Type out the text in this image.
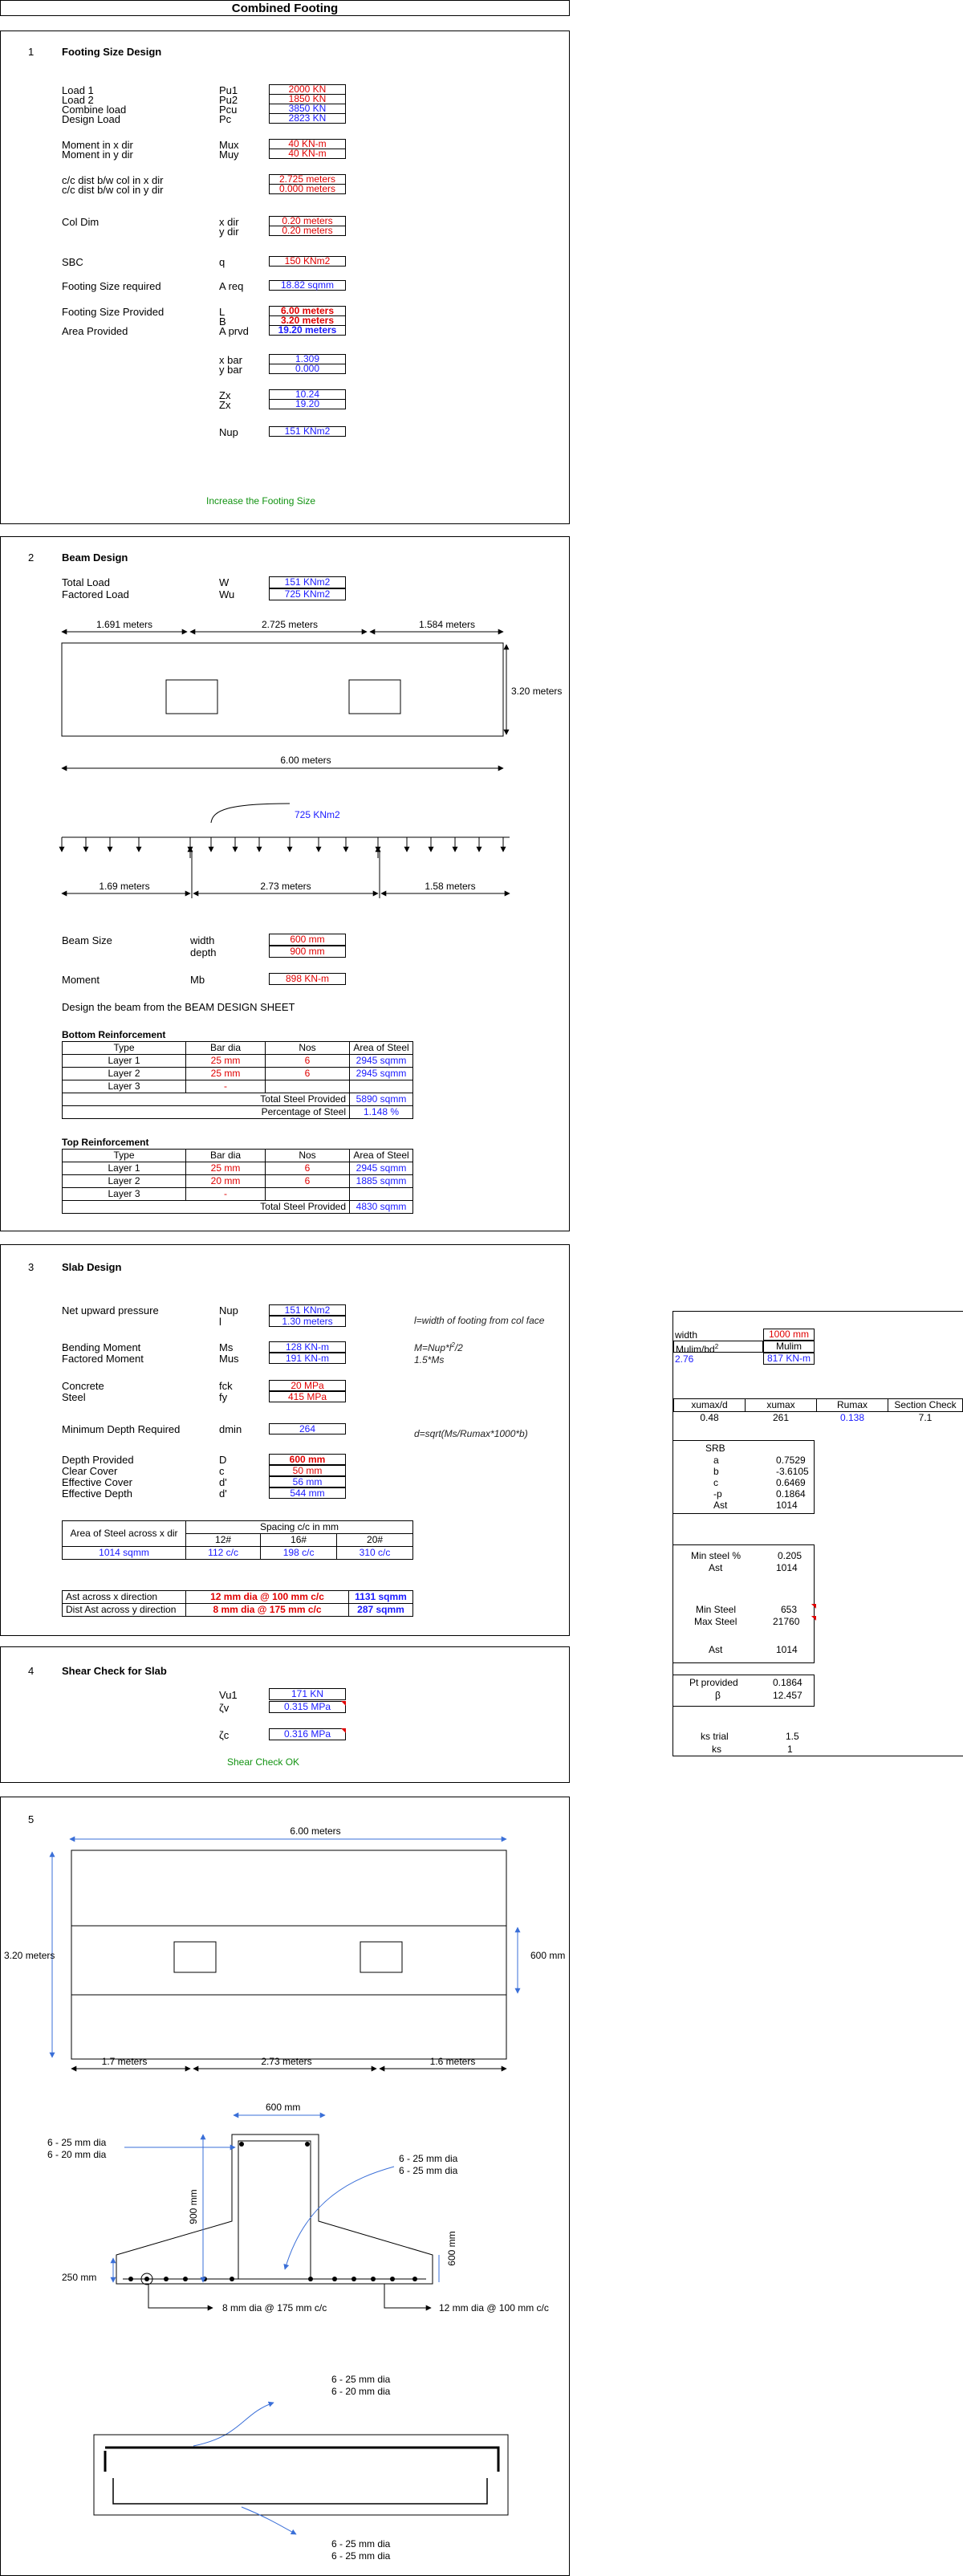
Combined Footing
1	Footing Size Design
Load 1	Pu1	2000 KN
Load 2	Pu2	1850 KN
Combine load	Pcu	3850 KN
Design Load	Pc	2823 KN
Moment in x dir	Mux	40 KN-m
Moment in y dir	Muy	40 KN-m
c/c dist b/w col in x dir	2.725 meters
c/c dist b/w col in y dir	0.000 meters
Col Dim	x dir	0.20 meters
y dir	0.20 meters
SBC	q	150 KNm2
Footing Size required	A req	18.82 sqmm
Footing Size Provided	L	6.00 meters
B	3.20 meters
Area Provided	A prvd	19.20 meters
x bar	1.309
y bar	0.000
Zx	10.24
Zx	19.20
Nup	151 KNm2
Increase the Footing Size
2	Beam Design
Total Load	W	151 KNm2
Factored Load	Wu	725 KNm2
1.691 meters	2.725 meters	1.584 meters
3.20 meters
6.00 meters
725 KNm2
1.69 meters	2.73 meters	1.58 meters
Beam Size	width	600 mm
depth	900 mm
Moment	Mb	898 KN-m
Design the beam from the BEAM DESIGN SHEET
Bottom Reinforcement
Type	Bar dia	Nos	Area of Steel
Layer 1	25 mm	6	2945 sqmm
Layer 2	25 mm	6	2945 sqmm
Layer 3	-		
Total Steel Provided			5890 sqmm
Percentage of Steel			1.148 %
Top Reinforcement
Type	Bar dia	Nos	Area of Steel
Layer 1	25 mm	6	2945 sqmm
Layer 2	20 mm	6	1885 sqmm
Layer 3	-		
Total Steel Provided			4830 sqmm
3	Slab Design
Net upward pressure	Nup	151 KNm2
l	1.30 meters
Bending Moment	Ms	128 KN-m
Factored Moment	Mus	191 KN-m
Concrete	fck	20 MPa
Steel	fy	415 MPa
Minimum Depth Required	dmin	264
Depth Provided	D	600 mm
Clear Cover	c	50 mm
Effective Cover	d'	56 mm
Effective Depth	d'	544 mm
l=width of footing from col face
$M=Nup*l^2/2$
1.5*Ms
d=sqrt(Ms/Rumax*1000*b)
Area of Steel across x dir	Spacing c/c in mm		
	12#	16#	20#
1014 sqmm	112 c/c	198 c/c	310 c/c
Ast across x direction	12 mm dia @ 100 mm c/c	1131 sqmm
Dist Ast across y direction	8 mm dia @ 175 mm c/c	287 sqmm
width	1000 mm
Mulim/$bd^2$	Mulim
2.76	817 KN-m
xumax/d	xumax	Rumax	Section Check
0.48	261	0.138	7.1
SRB
a	0.7529
b	-3.6105
c	0.6469
-p	0.1864
Ast	1014
Min steel %	0.205
Ast	1014
Min Steel	653
Max Steel	21760
Ast	1014
Pt provided	0.1864
β	12.457
ks trial	1.5
ks	1
4	Shear Check for Slab
Vu1	171 KN
ζv	0.315 MPa
ζc	0.316 MPa
Shear Check OK
5
6.00 meters
3.20 meters	600 mm
1.7 meters	2.73 meters	1.6 meters
600 mm
900 mm
600 mm
250 mm
6 - 25 mm dia
6 - 20 mm dia	6 - 25 mm dia
6 - 25 mm dia
8 mm dia @ 175 mm c/c	12 mm dia @ 100 mm c/c
6 - 25 mm dia
6 - 20 mm dia
6 - 25 mm dia
6 - 25 mm dia
